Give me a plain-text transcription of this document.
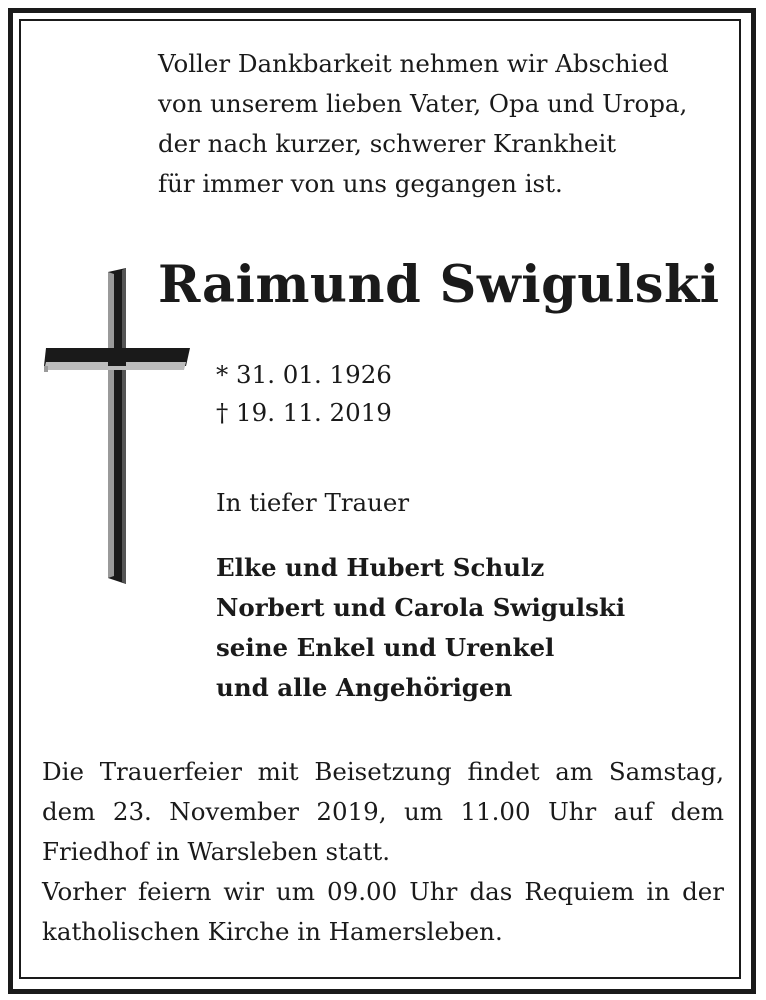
Voller Dankbarkeit nehmen wir Abschied
von unserem lieben Vater, Opa und Uropa,
der nach kurzer, schwerer Krankheit
für immer von uns gegangen ist.
Raimund Swigulski
* 31. 01. 1926
† 19. 11. 2019
In tiefer Trauer
Elke und Hubert Schulz
Norbert und Carola Swigulski
seine Enkel und Urenkel
und alle Angehörigen
Die Trauerfeier mit Beisetzung findet am Samstag,
dem 23. November 2019, um 11.00 Uhr auf dem
Friedhof in Warsleben statt.
Vorher feiern wir um 09.00 Uhr das Requiem in der
katholischen Kirche in Hamersleben.
